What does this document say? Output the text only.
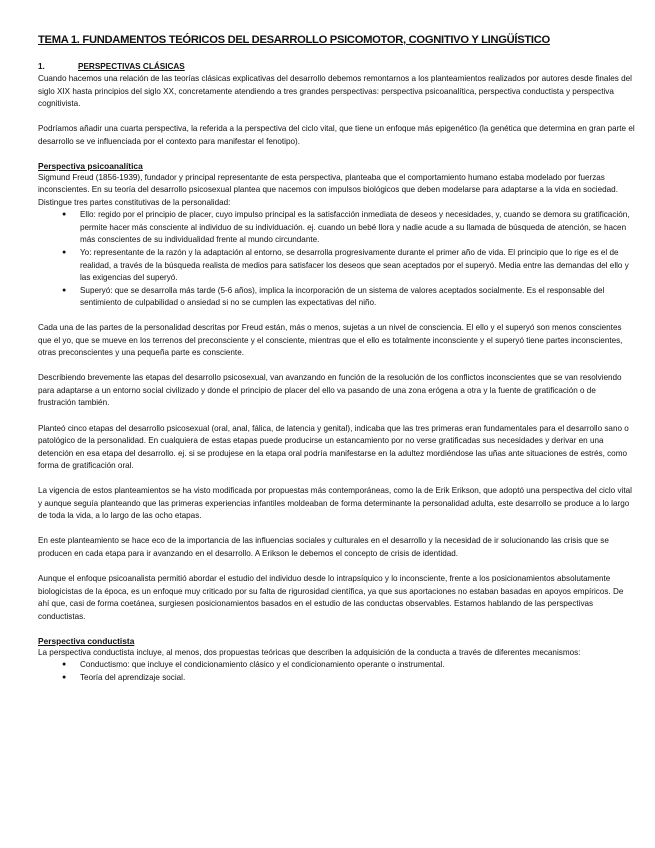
TEMA 1. FUNDAMENTOS TEÓRICOS DEL DESARROLLO PSICOMOTOR, COGNITIVO Y LINGÜÍSTICO
1.	PERSPECTIVAS CLÁSICAS

Cuando hacemos una relación de las teorías clásicas explicativas del desarrollo debemos remontarnos a los planteamientos realizados por autores desde finales del siglo XIX hasta principios del siglo XX, concretamente atendiendo a tres grandes perspectivas: perspectiva psicoanalítica, perspectiva conductista y perspectiva cognitivista.

Podríamos añadir una cuarta perspectiva, la referida a la perspectiva del ciclo vital, que tiene un enfoque más epigenético (la genética que determina en gran parte el desarrollo se ve influenciada por el contexto para manifestar el fenotipo).

Perspectiva psicoanalítica

Sigmund Freud (1856-1939), fundador y principal representante de esta perspectiva, planteaba que el comportamiento humano estaba modelado por fuerzas inconscientes. En su teoría del desarrollo psicosexual plantea que nacemos con impulsos biológicos que deben modelarse para adaptarse a la vida en sociedad. Distingue tres partes constitutivas de la personalidad:

● Ello: regido por el principio de placer, cuyo impulso principal es la satisfacción inmediata de deseos y necesidades, y, cuando se demora su gratificación, permite hacer más consciente al individuo de su individuación. ej. cuando un bebé llora y nadie acude a su llamada de búsqueda de atención, se hacen más conscientes de su individualidad frente al mundo circundante.
● Yo: representante de la razón y la adaptación al entorno, se desarrolla progresivamente durante el primer año de vida. El principio que lo rige es el de realidad, a través de la búsqueda realista de medios para satisfacer los deseos que sean aceptados por el superyó. Media entre las demandas del ello y las exigencias del superyó.
● Superyó: que se desarrolla más tarde (5-6 años), implica la incorporación de un sistema de valores aceptados socialmente. Es el responsable del sentimiento de culpabilidad o ansiedad si no se cumplen las expectativas del niño.

Cada una de las partes de la personalidad descritas por Freud están, más o menos, sujetas a un nivel de consciencia. El ello y el superyó son menos conscientes que el yo, que se mueve en los terrenos del preconsciente y el consciente, mientras que el ello es totalmente inconsciente y el superyó tiene partes inconscientes, otras preconscientes y una pequeña parte es consciente.

Describiendo brevemente las etapas del desarrollo psicosexual, van avanzando en función de la resolución de los conflictos inconscientes que se van resolviendo para adaptarse a un entorno social civilizado y donde el principio de placer del ello va pasando de una zona erógena a otra y la fuente de gratificación o de frustración también.

Planteó cinco etapas del desarrollo psicosexual (oral, anal, fálica, de latencia y genital), indicaba que las tres primeras eran fundamentales para el desarrollo sano o patológico de la personalidad. En cualquiera de estas etapas puede producirse un estancamiento por no verse gratificadas sus necesidades y derivar en una detención en esa etapa del desarrollo. ej. si se produjese en la etapa oral podría manifestarse en la adultez mordiéndose las uñas ante situaciones de estrés, como forma de gratificación oral.

La vigencia de estos planteamientos se ha visto modificada por propuestas más contemporáneas, como la de Erik Erikson, que adoptó una perspectiva del ciclo vital y aunque seguía planteando que las primeras experiencias infantiles moldeaban de forma determinante la personalidad adulta, este desarrollo se produce a lo largo de toda la vida, a lo largo de las ocho etapas.

En este planteamiento se hace eco de la importancia de las influencias sociales y culturales en el desarrollo y la necesidad de ir solucionando las crisis que se producen en cada etapa para ir avanzando en el desarrollo. A Erikson le debemos el concepto de crisis de identidad.

Aunque el enfoque psicoanalista permitió abordar el estudio del individuo desde lo intrapsíquico y lo inconsciente, frente a los posicionamientos absolutamente biologicistas de la época, es un enfoque muy criticado por su falta de rigurosidad científica, ya que sus aportaciones no estaban basadas en apoyos empíricos. De ahí que, casi de forma coetánea, surgiesen posicionamientos basados en el estudio de las conductas observables. Estamos hablando de las perspectivas conductistas.

Perspectiva conductista

La perspectiva conductista incluye, al menos, dos propuestas teóricas que describen la adquisición de la conducta a través de diferentes mecanismos:

● Conductismo: que incluye el condicionamiento clásico y el condicionamiento operante o instrumental.
● Teoría del aprendizaje social.
